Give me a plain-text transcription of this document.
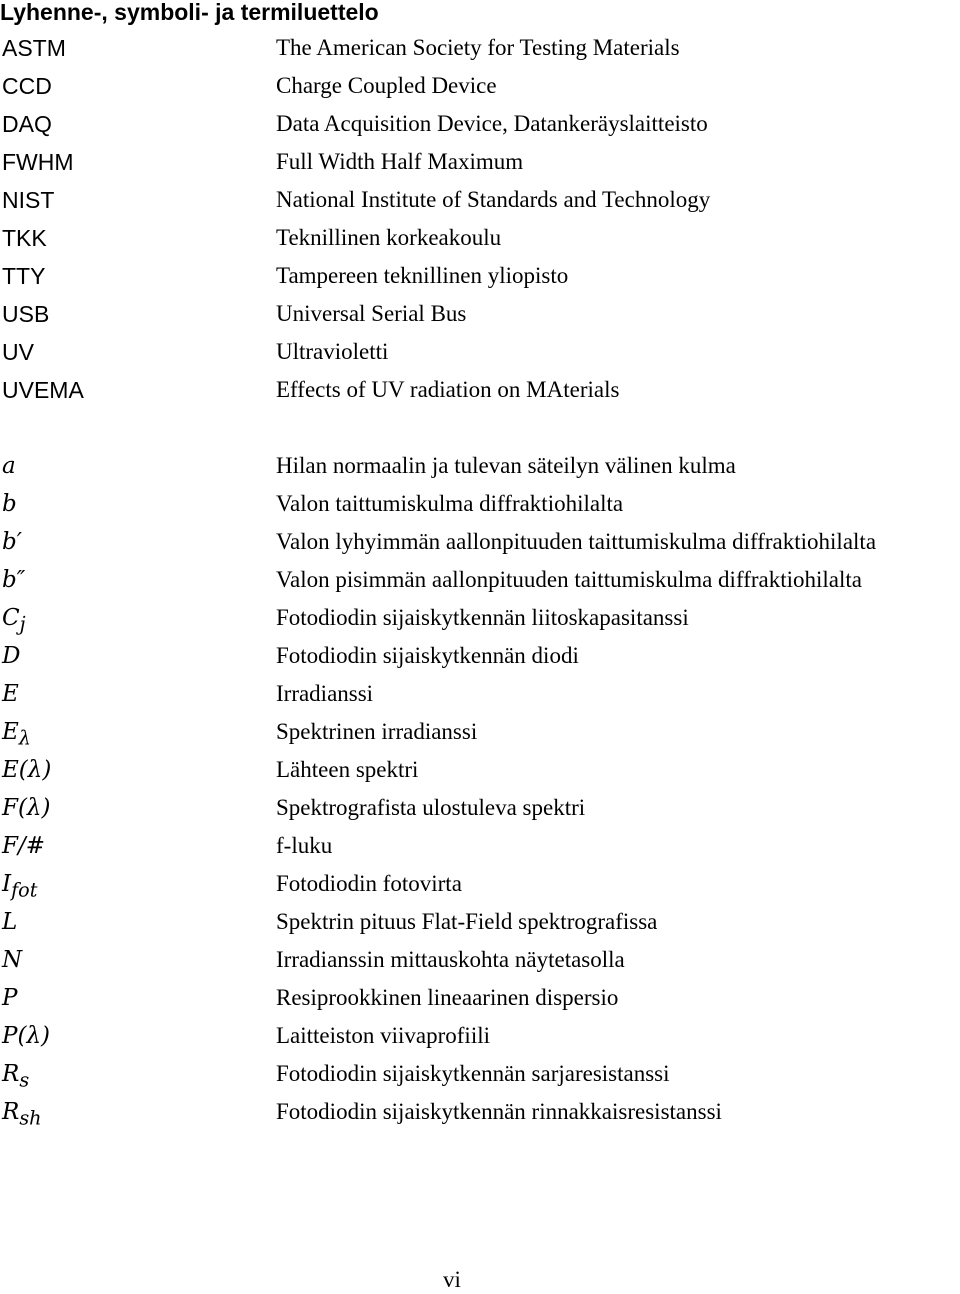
Lyhenne-, symboli- ja termiluettelo
ASTM	The American Society for Testing Materials
CCD	Charge Coupled Device
DAQ	Data Acquisition Device, Datankeräyslaitteisto
FWHM	Full Width Half Maximum
NIST	National Institute of Standards and Technology
TKK	Teknillinen korkeakoulu
TTY	Tampereen teknillinen yliopisto
USB	Universal Serial Bus
UV	Ultravioletti
UVEMA	Effects of UV radiation on MAterials
a	Hilan normaalin ja tulevan säteilyn välinen kulma
b	Valon taittumiskulma diffraktiohilalta
b′	Valon lyhyimmän aallonpituuden taittumiskulma diffraktiohilalta
b″	Valon pisimmän aallonpituuden taittumiskulma diffraktiohilalta
$C_j$	Fotodiodin sijaiskytkennän liitoskapasitanssi
D	Fotodiodin sijaiskytkennän diodi
E	Irradianssi
$E_\lambda$	Spektrinen irradianssi
E(λ)	Lähteen spektri
F(λ)	Spektrografista ulostuleva spektri
F/#	f-luku
$I_{fot}$	Fotodiodin fotovirta
L	Spektrin pituus Flat-Field spektrografissa
N	Irradianssin mittauskohta näytetasolla
P	Resiprookkinen lineaarinen dispersio
P(λ)	Laitteiston viivaprofiili
$R_s$	Fotodiodin sijaiskytkennän sarjaresistanssi
$R_{sh}$	Fotodiodin sijaiskytkennän rinnakkaisresistanssi
vi
